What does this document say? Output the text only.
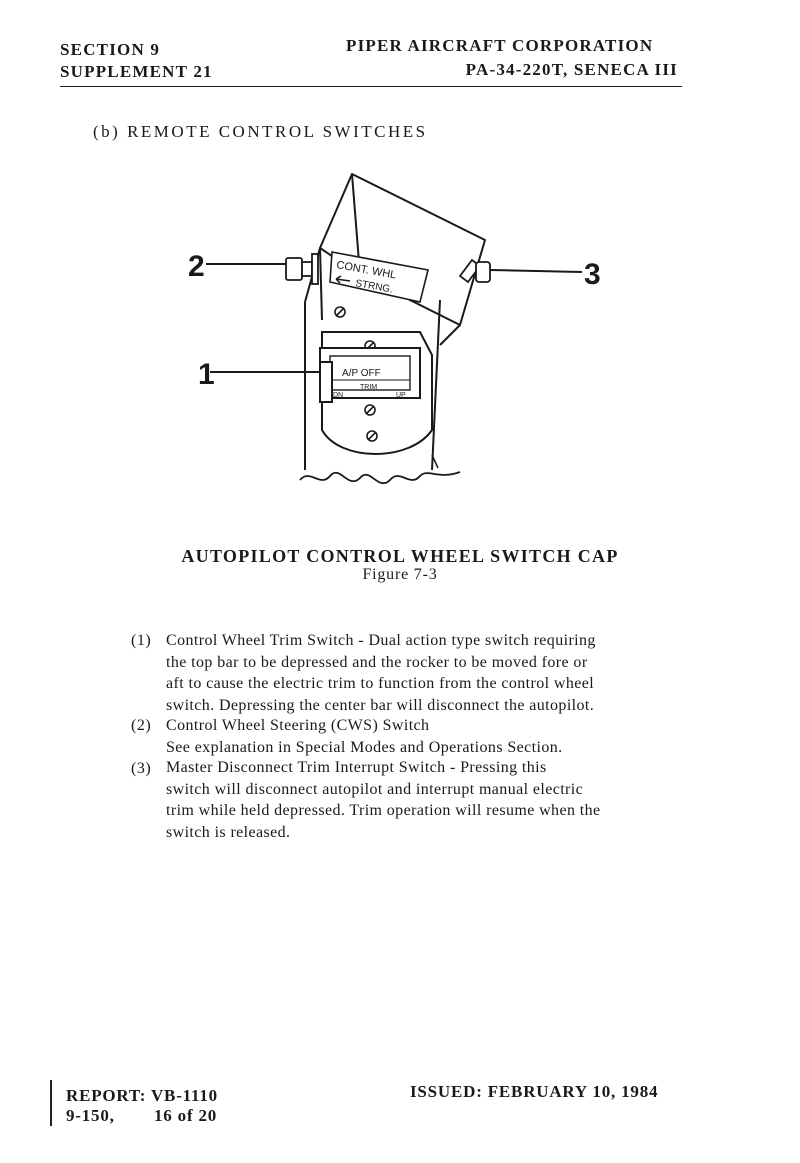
SECTION 9
SUPPLEMENT 21
PIPER AIRCRAFT CORPORATION
PA-34-220T, SENECA III
(b) REMOTE CONTROL SWITCHES
CONT. WHL
STRNG.
A/P OFF
TRIM
DN	UP
2	3
1
AUTOPILOT CONTROL WHEEL SWITCH CAP
Figure 7-3
(1) Control Wheel Trim Switch - Dual action type switch requiring
the top bar to be depressed and the rocker to be moved fore or
aft to cause the electric trim to function from the control wheel
switch. Depressing the center bar will disconnect the autopilot.
(2) Control Wheel Steering (CWS) Switch
See explanation in Special Modes and Operations Section.
(3) Master Disconnect Trim Interrupt Switch - Pressing this
switch will disconnect autopilot and interrupt manual electric
trim while held depressed. Trim operation will resume when the
switch is released.
REPORT: VB-1110
9-150, 16 of 20
ISSUED: FEBRUARY 10, 1984
